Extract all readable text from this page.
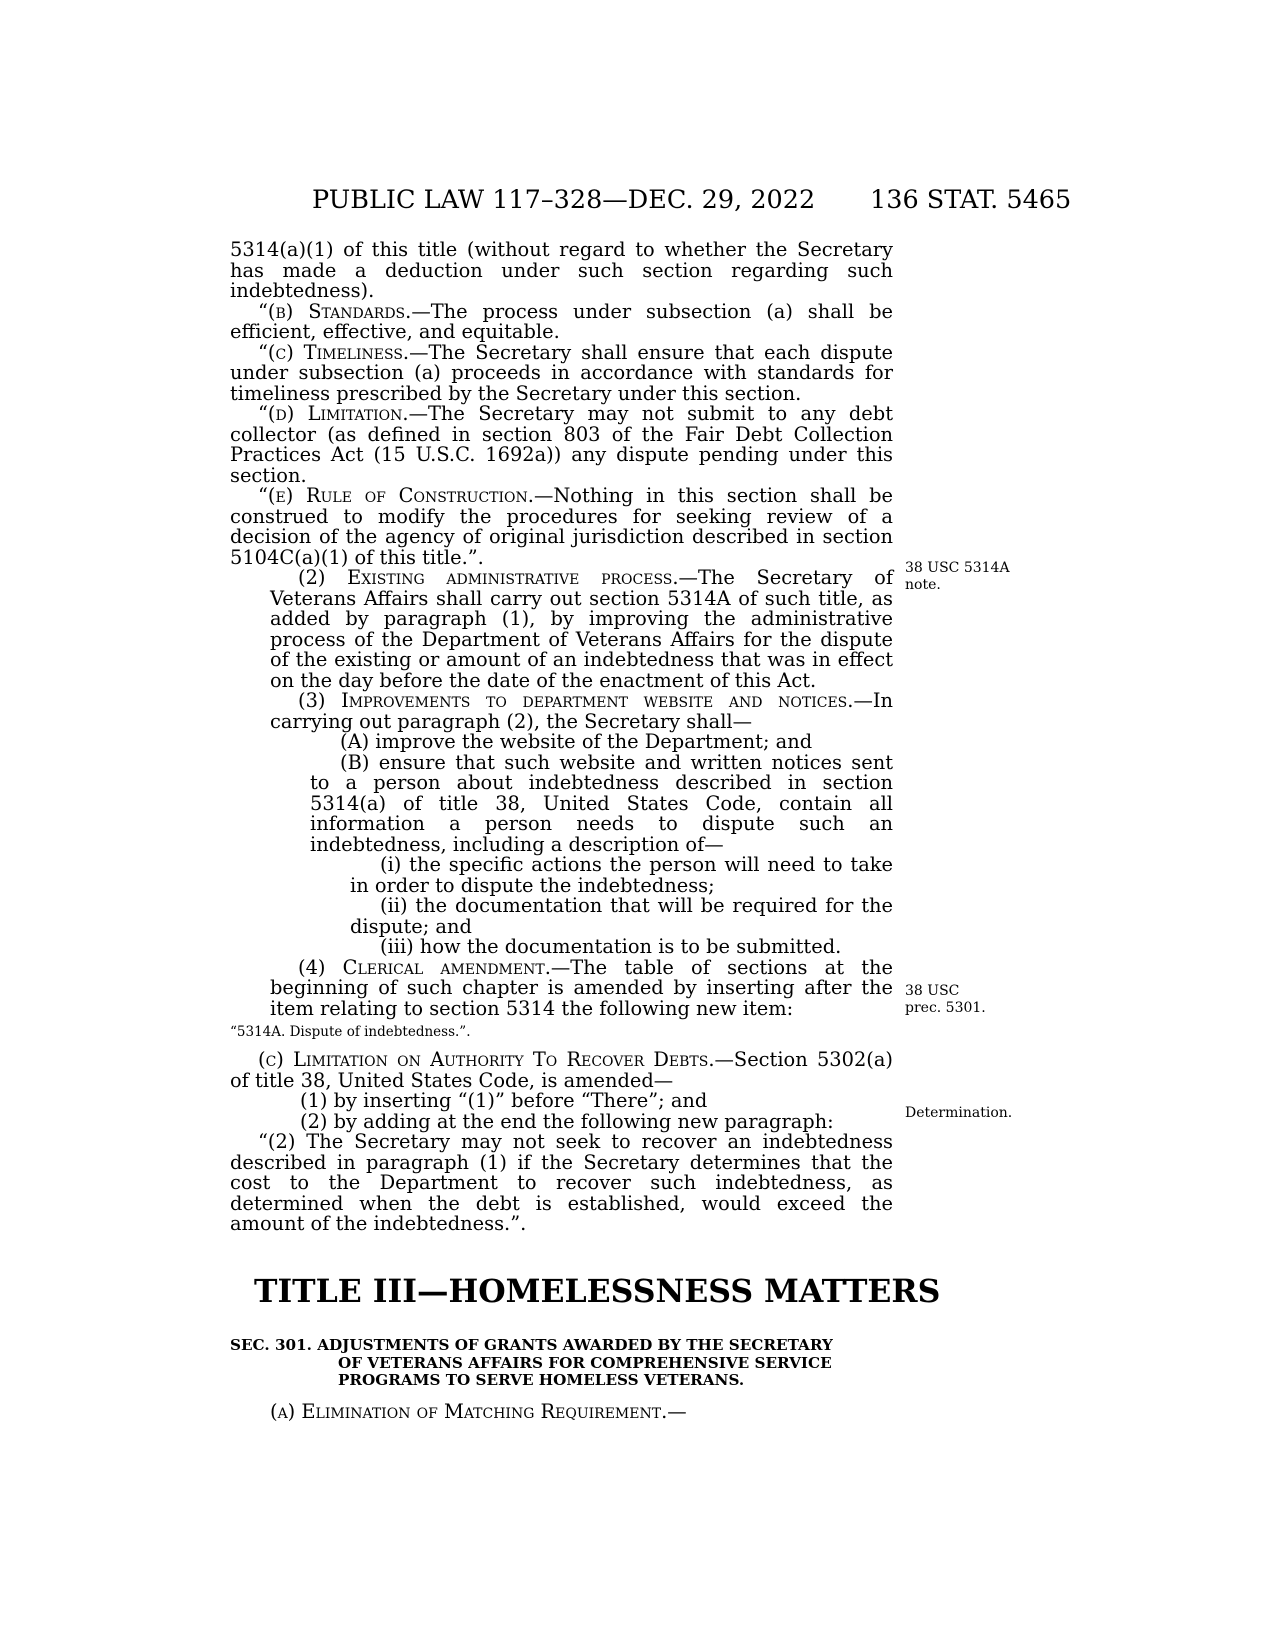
PUBLIC LAW 117–328—DEC. 29, 2022 136 STAT. 5465

5314(a)(1) of this title (without regard to whether the Secretary has made a deduction under such section regarding such indebtedness).

“(b) Standards.—The process under subsection (a) shall be efficient, effective, and equitable.

“(c) Timeliness.—The Secretary shall ensure that each dispute under subsection (a) proceeds in accordance with standards for timeliness prescribed by the Secretary under this section.

“(d) Limitation.—The Secretary may not submit to any debt collector (as defined in section 803 of the Fair Debt Collection Practices Act (15 U.S.C. 1692a)) any dispute pending under this section.

“(e) Rule of Construction.—Nothing in this section shall be construed to modify the procedures for seeking review of a decision of the agency of original jurisdiction described in section 5104C(a)(1) of this title.”.

(2) Existing administrative process.—The Secretary of Veterans Affairs shall carry out section 5314A of such title, as added by paragraph (1), by improving the administrative process of the Department of Veterans Affairs for the dispute of the existing or amount of an indebtedness that was in effect on the day before the date of the enactment of this Act.

(3) Improvements to department website and notices.—In carrying out paragraph (2), the Secretary shall—

(A) improve the website of the Department; and

(B) ensure that such website and written notices sent to a person about indebtedness described in section 5314(a) of title 38, United States Code, contain all information a person needs to dispute such an indebtedness, including a description of—

(i) the specific actions the person will need to take in order to dispute the indebtedness;

(ii) the documentation that will be required for the dispute; and

(iii) how the documentation is to be submitted.

(4) Clerical amendment.—The table of sections at the beginning of such chapter is amended by inserting after the item relating to section 5314 the following new item:

“5314A. Dispute of indebtedness.”.

(c) Limitation on Authority To Recover Debts.—Section 5302(a) of title 38, United States Code, is amended—

(1) by inserting “(1)” before “There”; and

(2) by adding at the end the following new paragraph:

“(2) The Secretary may not seek to recover an indebtedness described in paragraph (1) if the Secretary determines that the cost to the Department to recover such indebtedness, as determined when the debt is established, would exceed the amount of the indebtedness.”.

38 USC 5314A
note.
38 USC
prec. 5301.
Determination.
TITLE III—HOMELESSNESS MATTERS
SEC. 301. ADJUSTMENTS OF GRANTS AWARDED BY THE SECRETARY
OF VETERANS AFFAIRS FOR COMPREHENSIVE SERVICE
PROGRAMS TO SERVE HOMELESS VETERANS.
(a) Elimination of Matching Requirement.—
